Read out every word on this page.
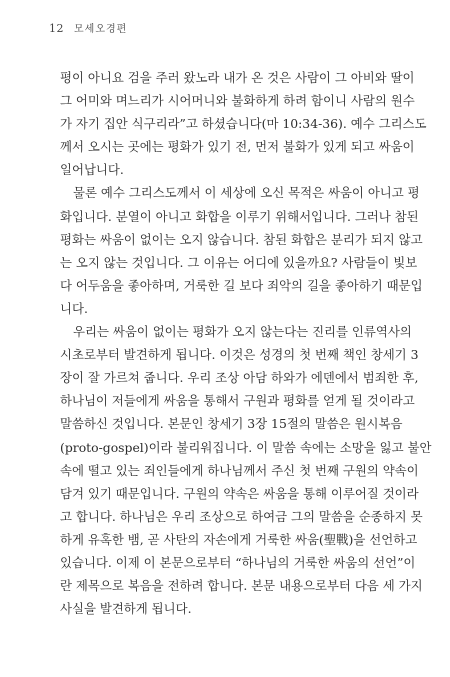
12 모세오경편
평이 아니요 검을 주러 왔노라 내가 온 것은 사람이 그 아비와 딸이
그 어미와 며느리가 시어머니와 불화하게 하려 함이니 사람의 원수
가 자기 집안 식구리라”고 하셨습니다(마 10:34-36). 예수 그리스도
께서 오시는 곳에는 평화가 있기 전, 먼저 불화가 있게 되고 싸움이
일어납니다.
물론 예수 그리스도께서 이 세상에 오신 목적은 싸움이 아니고 평
화입니다. 분열이 아니고 화합을 이루기 위해서입니다. 그러나 참된
평화는 싸움이 없이는 오지 않습니다. 참된 화합은 분리가 되지 않고
는 오지 않는 것입니다. 그 이유는 어디에 있을까요? 사람들이 빛보
다 어두움을 좋아하며, 거룩한 길 보다 죄악의 길을 좋아하기 때문입
니다.
우리는 싸움이 없이는 평화가 오지 않는다는 진리를 인류역사의
시초로부터 발견하게 됩니다. 이것은 성경의 첫 번째 책인 창세기 3
장이 잘 가르쳐 줍니다. 우리 조상 아담 하와가 에덴에서 범죄한 후,
하나님이 저들에게 싸움을 통해서 구원과 평화를 얻게 될 것이라고
말씀하신 것입니다. 본문인 창세기 3장 15절의 말씀은 원시복음
(proto-gospel)이라 불리워집니다. 이 말씀 속에는 소망을 잃고 불안
속에 떨고 있는 죄인들에게 하나님께서 주신 첫 번째 구원의 약속이
담겨 있기 때문입니다. 구원의 약속은 싸움을 통해 이루어질 것이라
고 합니다. 하나님은 우리 조상으로 하여금 그의 말씀을 순종하지 못
하게 유혹한 뱀, 곧 사탄의 자손에게 거룩한 싸움(聖戰)을 선언하고
있습니다. 이제 이 본문으로부터 “하나님의 거룩한 싸움의 선언”이
란 제목으로 복음을 전하려 합니다. 본문 내용으로부터 다음 세 가지
사실을 발견하게 됩니다.
